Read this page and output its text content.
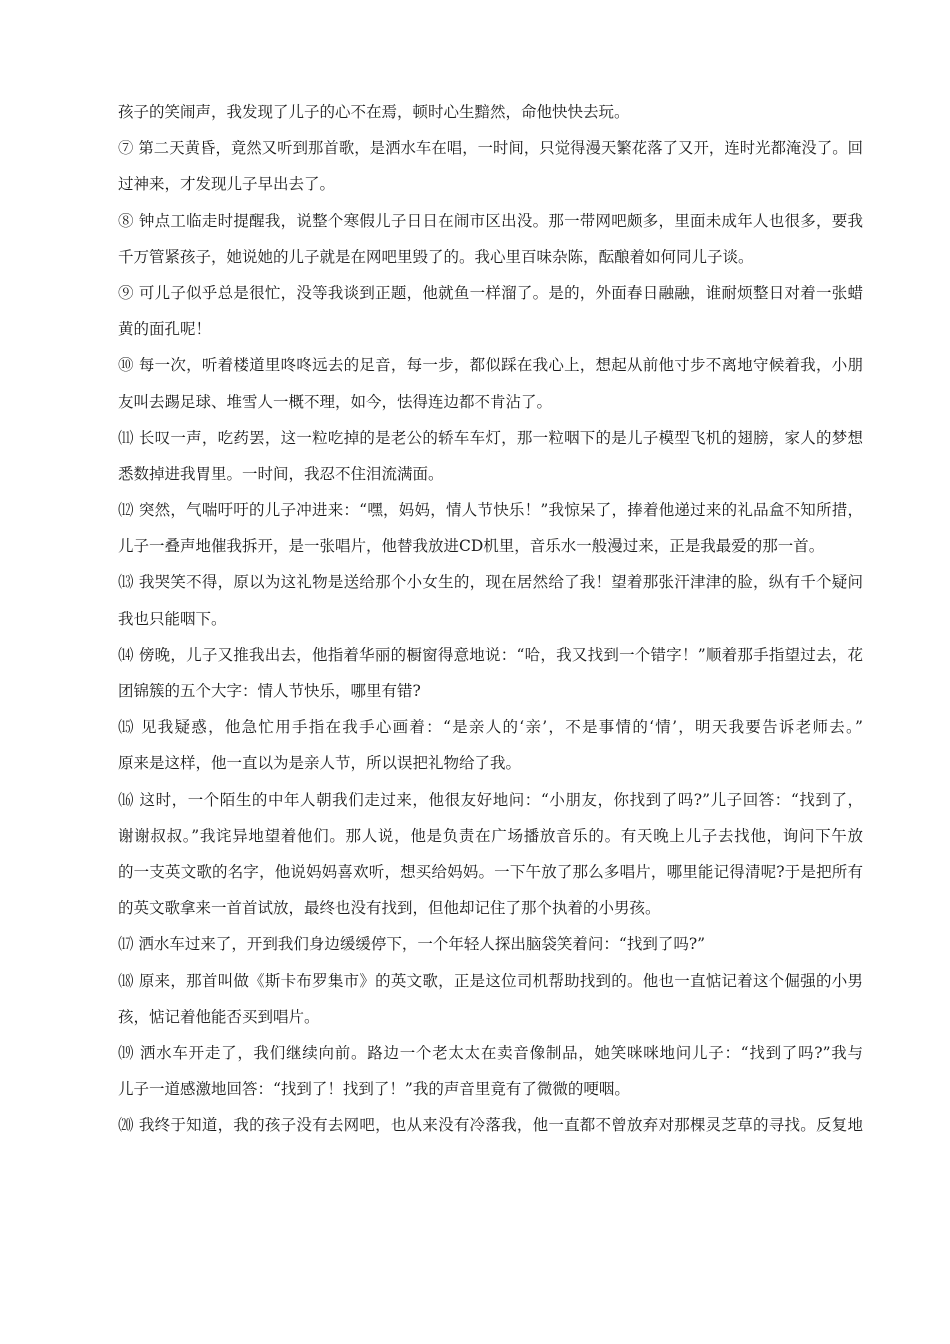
孩子的笑闹声，我发现了儿子的心不在焉，顿时心生黯然，命他快快去玩。
⑦ 第二天黄昏，竟然又听到那首歌，是洒水车在唱，一时间，只觉得漫天繁花落了又开，连时光都淹没了。回
过神来，才发现儿子早出去了。
⑧ 钟点工临走时提醒我，说整个寒假儿子日日在闹市区出没。那一带网吧颇多，里面未成年人也很多，要我
千万管紧孩子，她说她的儿子就是在网吧里毁了的。我心里百味杂陈，酝酿着如何同儿子谈。
⑨ 可儿子似乎总是很忙，没等我谈到正题，他就鱼一样溜了。是的，外面春日融融，谁耐烦整日对着一张蜡
黄的面孔呢！
⑩ 每一次，听着楼道里咚咚远去的足音，每一步，都似踩在我心上，想起从前他寸步不离地守候着我，小朋
友叫去踢足球、堆雪人一概不理，如今，怯得连边都不肯沾了。
⑾ 长叹一声，吃药罢，这一粒吃掉的是老公的轿车车灯，那一粒咽下的是儿子模型飞机的翅膀，家人的梦想
悉数掉进我胃里。一时间，我忍不住泪流满面。
⑿ 突然，气喘吁吁的儿子冲进来：“嘿，妈妈，情人节快乐！”我惊呆了，捧着他递过来的礼品盒不知所措，
儿子一叠声地催我拆开，是一张唱片，他替我放进CD机里，音乐水一般漫过来，正是我最爱的那一首。
⒀ 我哭笑不得，原以为这礼物是送给那个小女生的，现在居然给了我！望着那张汗津津的脸，纵有千个疑问
我也只能咽下。
⒁ 傍晚，儿子又推我出去，他指着华丽的橱窗得意地说：“哈，我又找到一个错字！”顺着那手指望过去，花
团锦簇的五个大字：情人节快乐，哪里有错?
⒂ 见我疑惑，他急忙用手指在我手心画着：“是亲人的‘亲’，不是事情的‘情’，明天我要告诉老师去。”
原来是这样，他一直以为是亲人节，所以误把礼物给了我。
⒃ 这时，一个陌生的中年人朝我们走过来，他很友好地问：“小朋友，你找到了吗?”儿子回答：“找到了，
谢谢叔叔。”我诧异地望着他们。那人说，他是负责在广场播放音乐的。有天晚上儿子去找他，询问下午放
的一支英文歌的名字，他说妈妈喜欢听，想买给妈妈。一下午放了那么多唱片，哪里能记得清呢?于是把所有
的英文歌拿来一首首试放，最终也没有找到，但他却记住了那个执着的小男孩。
⒄ 洒水车过来了，开到我们身边缓缓停下，一个年轻人探出脑袋笑着问：“找到了吗?”
⒅ 原来，那首叫做《斯卡布罗集市》的英文歌，正是这位司机帮助找到的。他也一直惦记着这个倔强的小男
孩，惦记着他能否买到唱片。
⒆ 洒水车开走了，我们继续向前。路边一个老太太在卖音像制品，她笑咪咪地问儿子：“找到了吗?”我与
儿子一道感激地回答：“找到了！找到了！”我的声音里竟有了微微的哽咽。
⒇ 我终于知道，我的孩子没有去网吧，也从来没有冷落我，他一直都不曾放弃对那棵灵芝草的寻找。反复地
